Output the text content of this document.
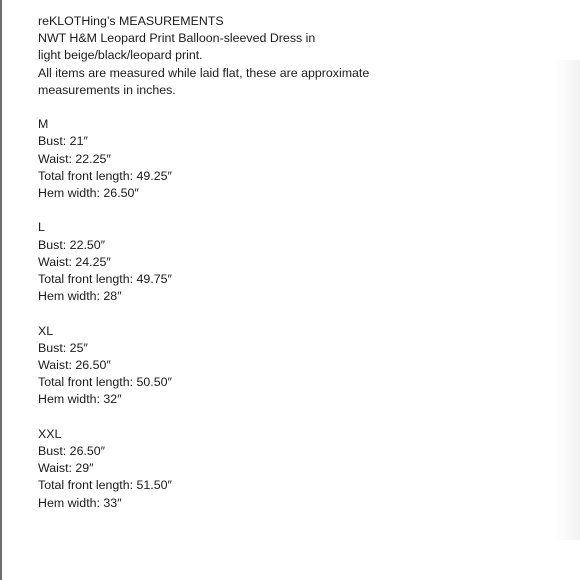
reKLOTHing’s MEASUREMENTS
NWT H&M Leopard Print Balloon-sleeved Dress in
light beige/black/leopard print.
All items are measured while laid flat, these are approximate
measurements in inches.
M
Bust: 21″
Waist: 22.25″
Total front length: 49.25″
Hem width: 26.50″
L
Bust: 22.50″
Waist: 24.25″
Total front length: 49.75″
Hem width: 28″
XL
Bust: 25″
Waist: 26.50″
Total front length: 50.50″
Hem width: 32″
XXL
Bust: 26.50″
Waist: 29″
Total front length: 51.50″
Hem width: 33″
